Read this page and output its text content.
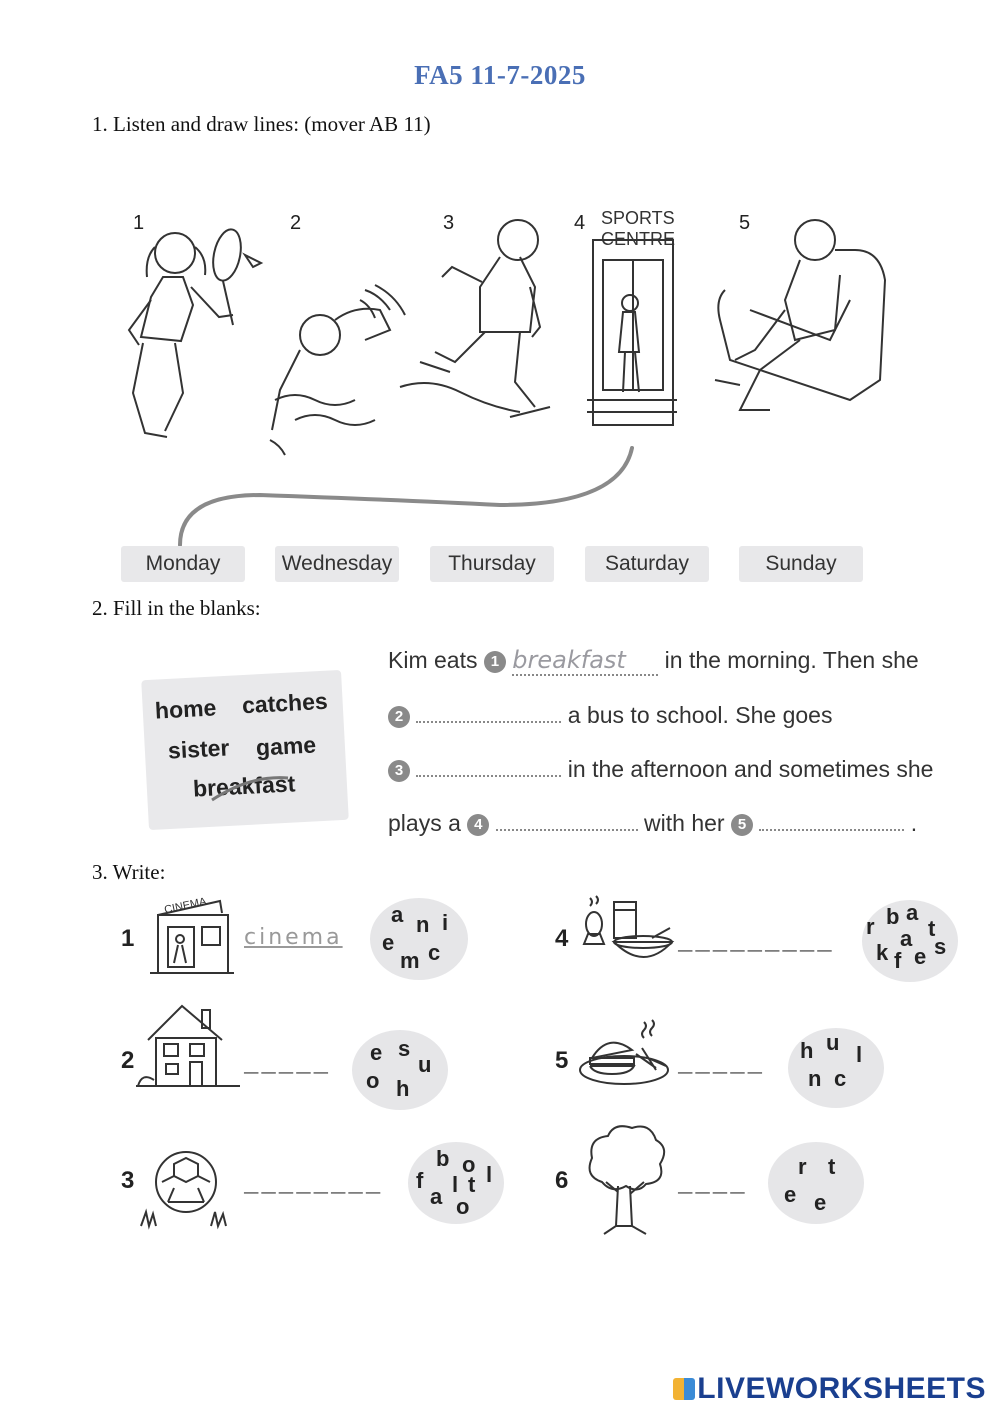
FA5 11-7-2025
1. Listen and draw lines: (mover AB 11)
1	2	3	4	5
SPORTS
CENTRE
Monday	Wednesday	Thursday	Saturday	Sunday
2. Fill in the blanks:
home catches
sister game
breakfast
Kim eats 1 breakfast in the morning. Then she
2	a bus to school. She goes
3	in the afternoon and sometimes she
plays a 4	with her 5	.
3. Write:
1
CINEMA
cinema
a n i
e
m c
2	_____ e s
u
o h
3	________
b o
f l t l
a o
4	_________
r b a
t
a
k f e s
5	_____
h u l
n c
6	____
r t
e e
LIVEWORKSHEETS
